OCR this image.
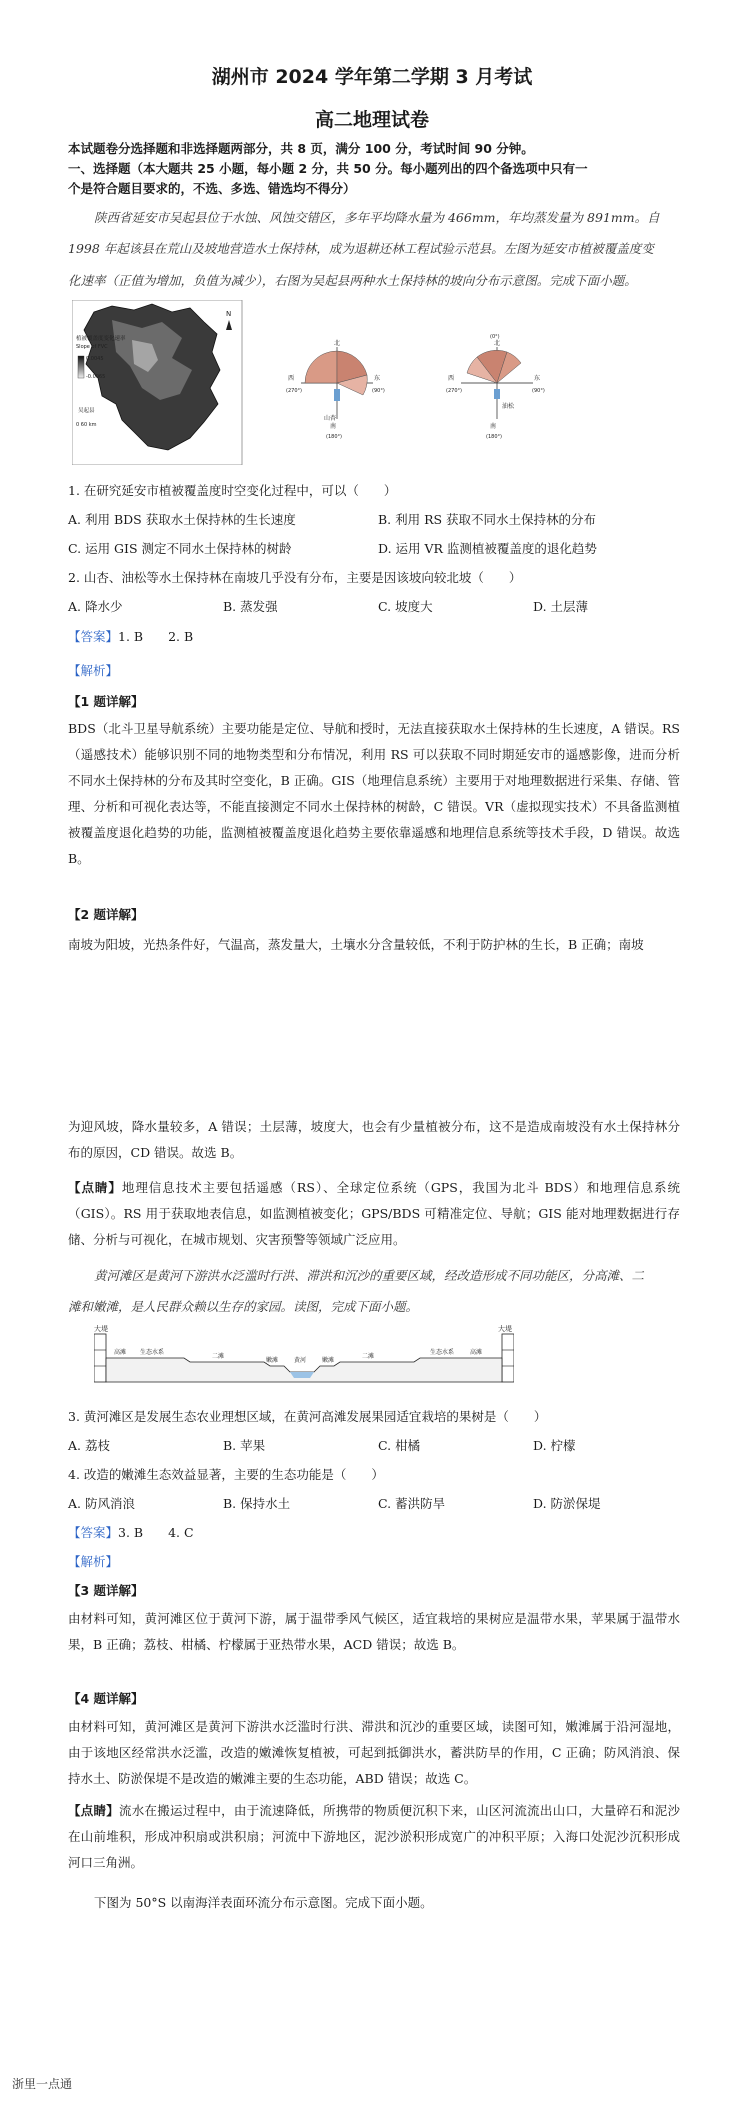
湖州市 2024 学年第二学期 3 月考试
高二地理试卷
本试题卷分选择题和非选择题两部分，共 8 页，满分 100 分，考试时间 90 分钟。
一、选择题（本大题共 25 小题，每小题 2 分，共 50 分。每小题列出的四个备选项中只有一
个是符合题目要求的，不选、多选、错选均不得分）
陕西省延安市吴起县位于水蚀、风蚀交错区，多年平均降水量为 466mm，年均蒸发量为 891mm。自
1998 年起该县在荒山及坡地营造水土保持林，成为退耕还林工程试验示范县。左图为延安市植被覆盖度变
化速率（正值为增加，负值为减少），右图为吴起县两种水土保持林的坡向分布示意图。完成下面小题。
植被覆盖度变化速率
Slope of FVC
0.0045
-0.0065
吴起县
0 60 km
N
北
南
东
西
山杏
(270°)	(90°)
(180°)
北
南
东
西
油松
(0°)
(270°)	(90°)
(180°)
1. 在研究延安市植被覆盖度时空变化过程中，可以（　　）
A. 利用 BDS 获取水土保持林的生长速度	B. 利用 RS 获取不同水土保持林的分布
C. 运用 GIS 测定不同水土保持林的树龄	D. 运用 VR 监测植被覆盖度的退化趋势
2. 山杏、油松等水土保持林在南坡几乎没有分布，主要是因该坡向较北坡（　　）
A. 降水少	B. 蒸发强	C. 坡度大	D. 土层薄
【答案】1. B　　2. B
【解析】
【1 题详解】
BDS（北斗卫星导航系统）主要功能是定位、导航和授时，无法直接获取水土保持林的生长速度，A 错误。RS（遥感技术）能够识别不同的地物类型和分布情况，利用 RS 可以获取不同时期延安市的遥感影像，进而分析不同水土保持林的分布及其时空变化，B 正确。GIS（地理信息系统）主要用于对地理数据进行采集、存储、管理、分析和可视化表达等，不能直接测定不同水土保持林的树龄，C 错误。VR（虚拟现实技术）不具备监测植被覆盖度退化趋势的功能，监测植被覆盖度退化趋势主要依靠遥感和地理信息系统等技术手段，D 错误。故选 B。
【2 题详解】
南坡为阳坡，光热条件好，气温高，蒸发量大，土壤水分含量较低，不利于防护林的生长，B 正确；南坡
为迎风坡，降水量较多，A 错误；土层薄，坡度大，也会有少量植被分布，这不是造成南坡没有水土保持林分布的原因，CD 错误。故选 B。
【点睛】地理信息技术主要包括遥感（RS）、全球定位系统（GPS，我国为北斗 BDS）和地理信息系统（GIS）。RS 用于获取地表信息，如监测植被变化；GPS/BDS 可精准定位、导航；GIS 能对地理数据进行存储、分析与可视化，在城市规划、灾害预警等领域广泛应用。
黄河滩区是黄河下游洪水泛滥时行洪、滞洪和沉沙的重要区域，经改造形成不同功能区，分高滩、二
滩和嫩滩，是人民群众赖以生存的家园。读图，完成下面小题。
大堤	大堤
高滩 生态水系
二滩
嫩滩	黄河	嫩滩
二滩
生态水系	高滩
3. 黄河滩区是发展生态农业理想区域，在黄河高滩发展果园适宜栽培的果树是（　　）
A. 荔枝	B. 苹果	C. 柑橘	D. 柠檬
4. 改造的嫩滩生态效益显著，主要的生态功能是（　　）
A. 防风消浪	B. 保持水土	C. 蓄洪防旱	D. 防淤保堤
【答案】3. B　　4. C
【解析】
【3 题详解】
由材料可知，黄河滩区位于黄河下游，属于温带季风气候区，适宜栽培的果树应是温带水果，苹果属于温带水果，B 正确；荔枝、柑橘、柠檬属于亚热带水果，ACD 错误；故选 B。
【4 题详解】
由材料可知，黄河滩区是黄河下游洪水泛滥时行洪、滞洪和沉沙的重要区域，读图可知，嫩滩属于沿河湿地，由于该地区经常洪水泛滥，改造的嫩滩恢复植被，可起到抵御洪水，蓄洪防旱的作用，C 正确；防风消浪、保持水土、防淤保堤不是改造的嫩滩主要的生态功能，ABD 错误；故选 C。
【点睛】流水在搬运过程中，由于流速降低，所携带的物质便沉积下来，山区河流流出山口，大量碎石和泥沙在山前堆积，形成冲积扇或洪积扇；河流中下游地区，泥沙淤积形成宽广的冲积平原；入海口处泥沙沉积形成河口三角洲。
下图为 50°S 以南海洋表面环流分布示意图。完成下面小题。
浙里一点通
